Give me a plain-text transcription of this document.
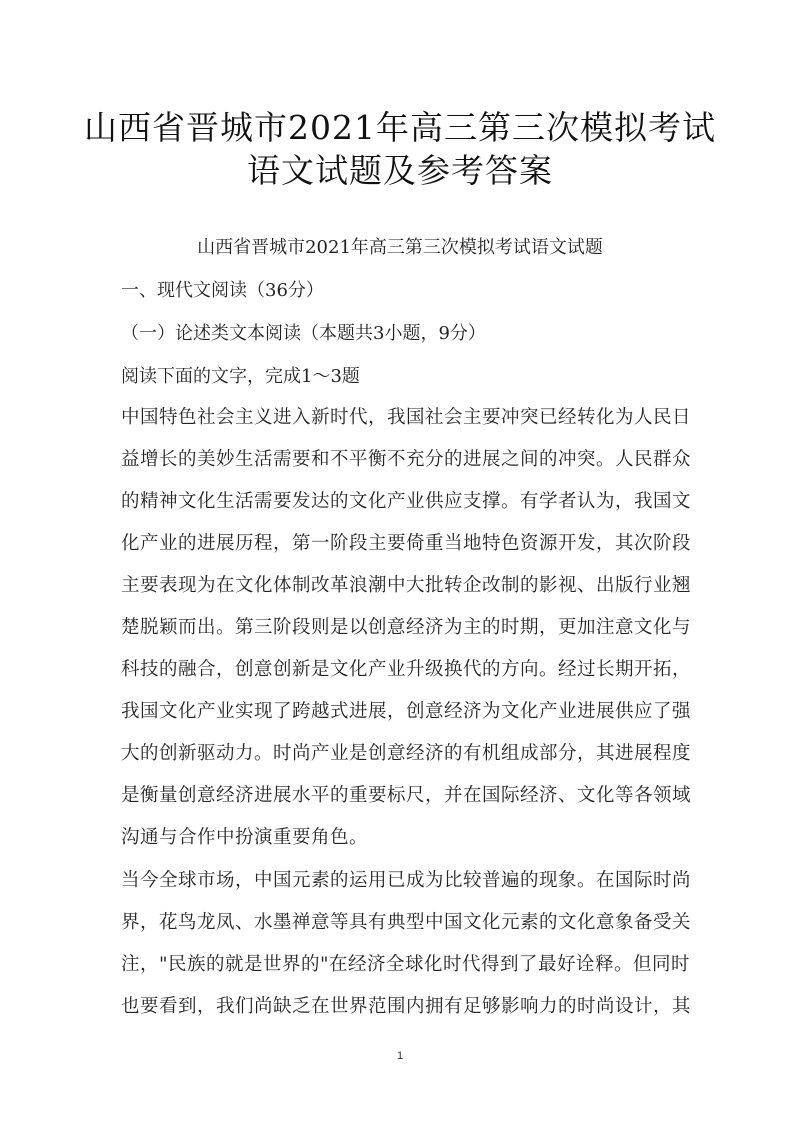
山西省晋城市2021年高三第三次模拟考试
语文试题及参考答案
山西省晋城市2021年高三第三次模拟考试语文试题
一、现代文阅读（36分）
（一）论述类文本阅读（本题共3小题，9分）
阅读下面的文字，完成1～3题
中国特色社会主义进入新时代，我国社会主要冲突已经转化为人民日
益增长的美妙生活需要和不平衡不充分的进展之间的冲突。人民群众
的精神文化生活需要发达的文化产业供应支撑。有学者认为，我国文
化产业的进展历程，第一阶段主要倚重当地特色资源开发，其次阶段
主要表现为在文化体制改革浪潮中大批转企改制的影视、出版行业翘
楚脱颖而出。第三阶段则是以创意经济为主的时期，更加注意文化与
科技的融合，创意创新是文化产业升级换代的方向。经过长期开拓，
我国文化产业实现了跨越式进展，创意经济为文化产业进展供应了强
大的创新驱动力。时尚产业是创意经济的有机组成部分，其进展程度
是衡量创意经济进展水平的重要标尺，并在国际经济、文化等各领域
沟通与合作中扮演重要角色。
当今全球市场，中国元素的运用已成为比较普遍的现象。在国际时尚
界，花鸟龙凤、水墨禅意等具有典型中国文化元素的文化意象备受关
注，"民族的就是世界的"在经济全球化时代得到了最好诠释。但同时
也要看到，我们尚缺乏在世界范围内拥有足够影响力的时尚设计，其
1
